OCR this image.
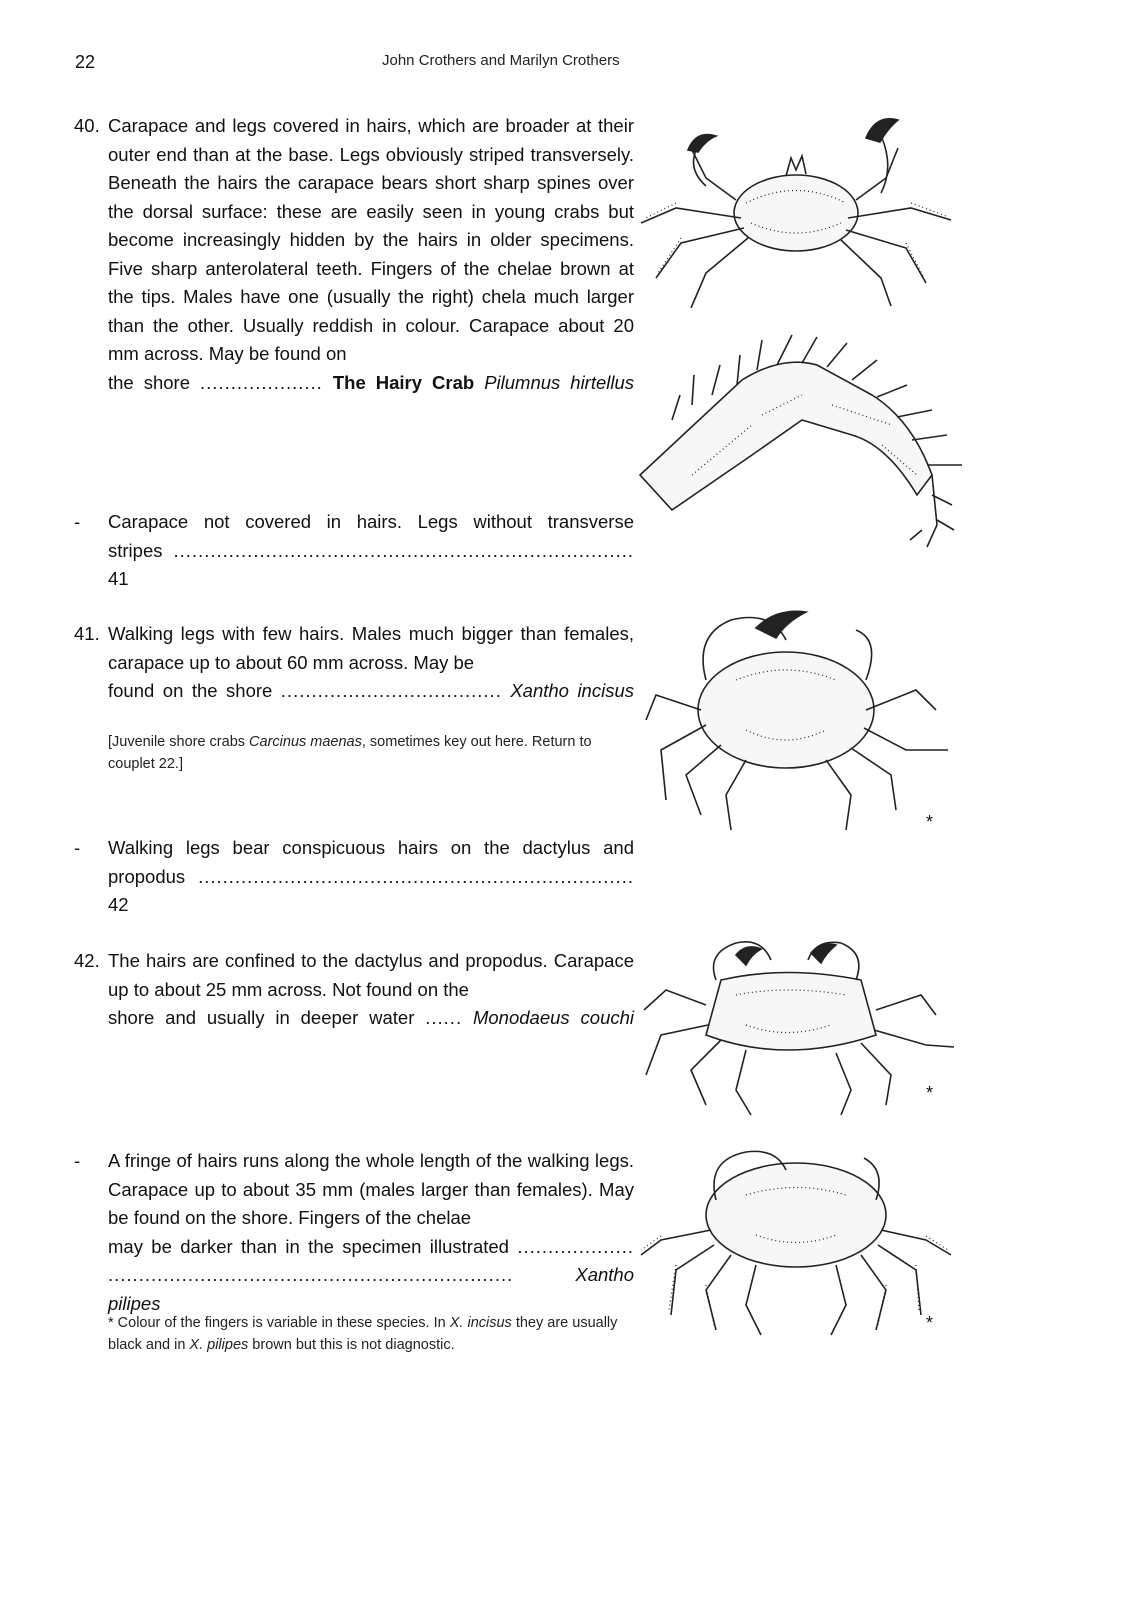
22	John Crothers and Marilyn Crothers
40. Carapace and legs covered in hairs, which are broader at their outer end than at the base. Legs obviously striped transversely. Beneath the hairs the carapace bears short sharp spines over the dorsal surface: these are easily seen in young crabs but become increasingly hidden by the hairs in older specimens. Five sharp anterolateral teeth. Fingers of the chelae brown at the tips. Males have one (usually the right) chela much larger than the other. Usually reddish in colour. Carapace about 20 mm across. May be found on
the shore .................... The Hairy Crab Pilumnus hirtellus
- Carapace not covered in hairs. Legs without transverse
stripes ........................................................................... 41
41. Walking legs with few hairs. Males much bigger than females, carapace up to about 60 mm across. May be
found on the shore .................................... Xantho incisus
[Juvenile shore crabs Carcinus maenas, sometimes key out here. Return to couplet 22.]
- Walking legs bear conspicuous hairs on the dactylus and
propodus ....................................................................... 42
42. The hairs are confined to the dactylus and propodus. Carapace up to about 25 mm across. Not found on the
shore and usually in deeper water ...... Monodaeus couchi
- A fringe of hairs runs along the whole length of the walking legs. Carapace up to about 35 mm (males larger than females). May be found on the shore. Fingers of the chelae
may be darker than in the specimen illustrated ...................
..................................................................	Xantho pilipes
* Colour of the fingers is variable in these species. In X. incisus they are usually black and in X. pilipes brown but this is not diagnostic.
*
*
*
